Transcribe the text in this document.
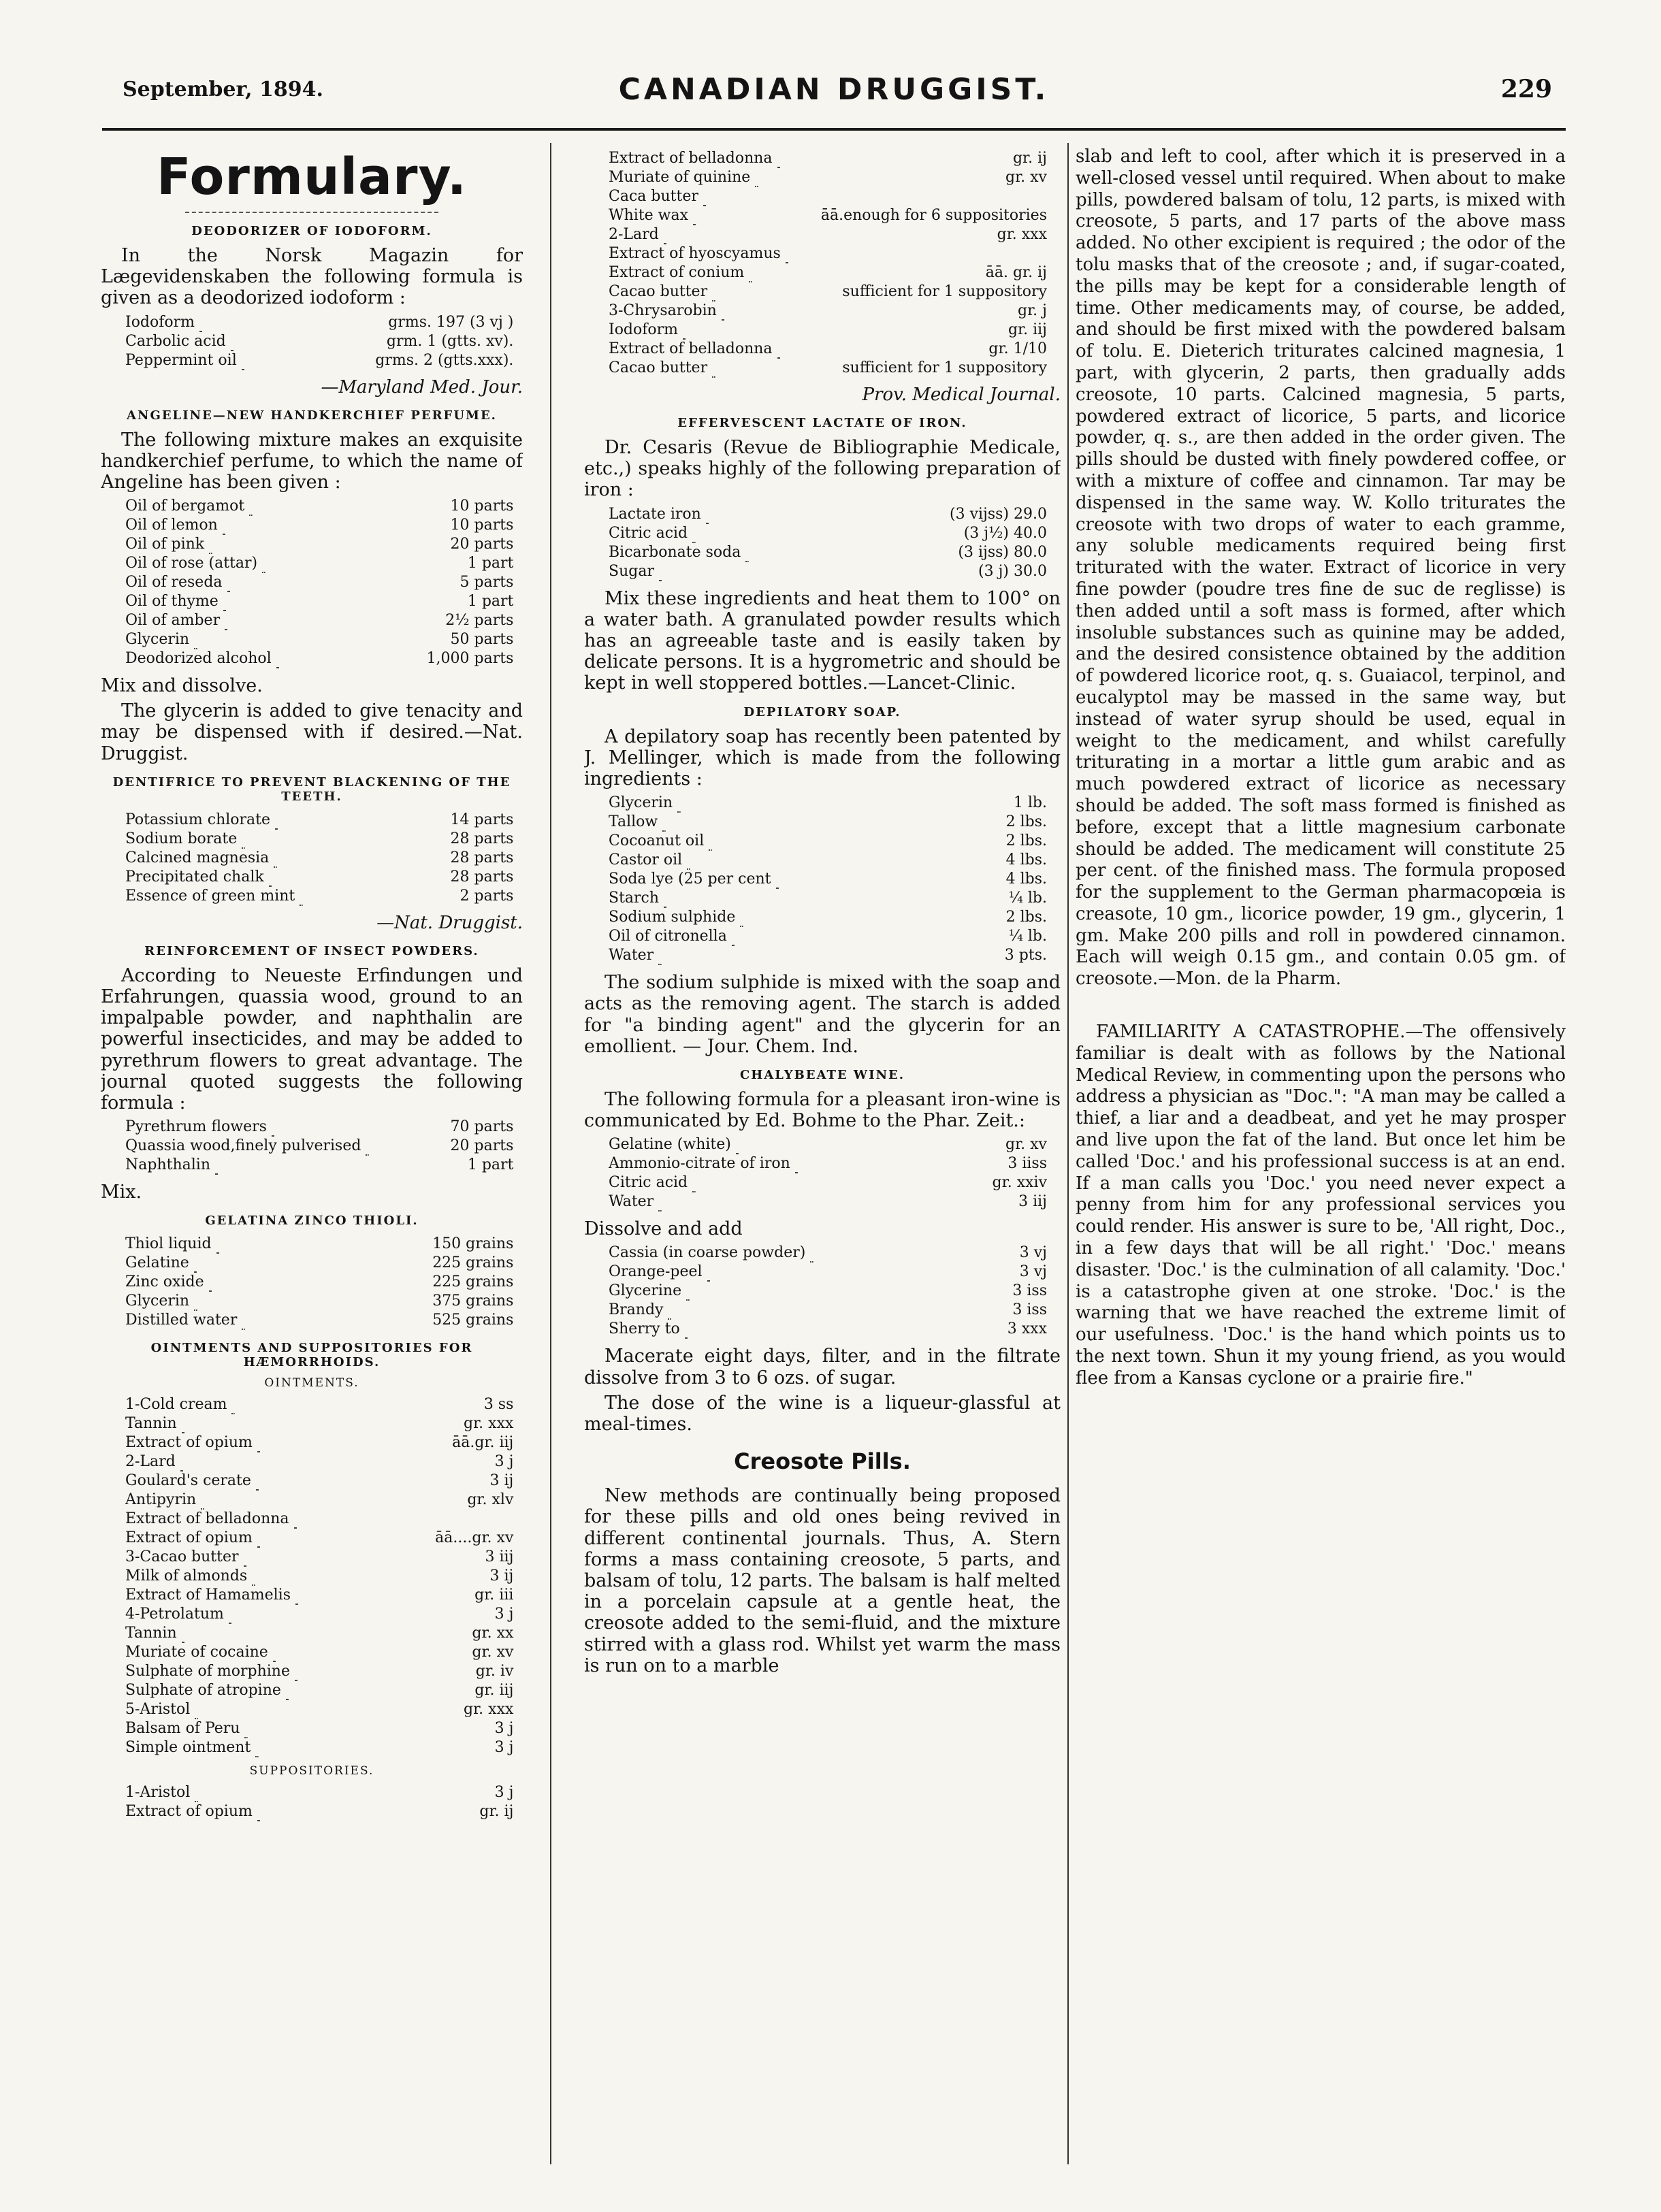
September, 1894.	CANADIAN DRUGGIST.	229
Formulary.
DEODORIZER OF IODOFORM.

In the Norsk Magazin for Lægevidenskaben the following formula is given as a deodorized iodoform :

Iodoform  	grms. 197 (3 vj )
Carbolic acid  	grm. 1 (gtts. xv).
Peppermint oil  	grms. 2 (gtts.xxx).
—Maryland Med. Jour.
ANGELINE—NEW HANDKERCHIEF PERFUME.

The following mixture makes an exquisite handkerchief perfume, to which the name of Angeline has been given :

Oil of bergamot  	10 parts
Oil of lemon  	10 parts
Oil of pink  	20 parts
Oil of rose (attar)  	1 part
Oil of reseda  	5 parts
Oil of thyme  	1 part
Oil of amber  	2½ parts
Glycerin  	50 parts
Deodorized alcohol  	1,000 parts
Mix and dissolve.

The glycerin is added to give tenacity and may be dispensed with if desired.—Nat. Druggist.

DENTIFRICE TO PREVENT BLACKENING OF THE TEETH.
Potassium chlorate  	14 parts
Sodium borate  	28 parts
Calcined magnesia  	28 parts
Precipitated chalk  	28 parts
Essence of green mint  	2 parts
—Nat. Druggist.
REINFORCEMENT OF INSECT POWDERS.

According to Neueste Erfindungen und Erfahrungen, quassia wood, ground to an impalpable powder, and naphthalin are powerful insecticides, and may be added to pyrethrum flowers to great advantage. The journal quoted suggests the following formula :

Pyrethrum flowers  	70 parts
Quassia wood,finely pulverised  	20 parts
Naphthalin  	1 part
Mix.
GELATINA ZINCO THIOLI.
Thiol liquid  	150 grains
Gelatine  	225 grains
Zinc oxide  	225 grains
Glycerin  	375 grains
Distilled water  	525 grains
OINTMENTS AND SUPPOSITORIES FOR HÆMORRHOIDS.
OINTMENTS.
1-Cold cream  	3 ss
Tannin  	gr. xxx
Extract of opium  	āā.gr. iij
2-Lard  	3 j
Goulard's cerate  	3 ij
Antipyrin  	gr. xlv
Extract of belladonna  	
Extract of opium  	āā....gr. xv
3-Cacao butter  	3 iij
Milk of almonds  	3 ij
Extract of Hamamelis  	gr. iii
4-Petrolatum  	3 j
Tannin  	gr. xx
Muriate of cocaine  	gr. xv
Sulphate of morphine  	gr. iv
Sulphate of atropine  	gr. iij
5-Aristol  	gr. xxx
Balsam of Peru  	3 j
Simple ointment  	3 j
SUPPOSITORIES.
1-Aristol  	3 j
Extract of opium  	gr. ij
Extract of belladonna  	gr. ij
Muriate of quinine  	gr. xv
Caca butter  	
White wax  	āā.enough for 6 suppositories
2-Lard  	gr. xxx
Extract of hyoscyamus  	
Extract of conium  	āā. gr. ij
Cacao butter  	sufficient for 1 suppository
3-Chrysarobin  	gr. j
Iodoform  	gr. iij
Extract of belladonna  	gr. 1/10
Cacao butter  	sufficient for 1 suppository
Prov. Medical Journal.
EFFERVESCENT LACTATE OF IRON.

Dr. Cesaris (Revue de Bibliographie Medicale, etc.,) speaks highly of the following preparation of iron :

Lactate iron  	(3 vijss) 29.0
Citric acid  	(3 j½) 40.0
Bicarbonate soda  	(3 ijss) 80.0
Sugar  	(3 j) 30.0

Mix these ingredients and heat them to 100° on a water bath. A granulated powder results which has an agreeable taste and is easily taken by delicate persons. It is a hygrometric and should be kept in well stoppered bottles.—Lancet-Clinic.

DEPILATORY SOAP.

A depilatory soap has recently been patented by J. Mellinger, which is made from the following ingredients :

Glycerin  	1 lb.
Tallow  	2 lbs.
Cocoanut oil  	2 lbs.
Castor oil  	4 lbs.
Soda lye (25 per cent  	4 lbs.
Starch  	¼ lb.
Sodium sulphide  	2 lbs.
Oil of citronella  	¼ lb.
Water  	3 pts.

The sodium sulphide is mixed with the soap and acts as the removing agent. The starch is added for "a binding agent" and the glycerin for an emollient. — Jour. Chem. Ind.

CHALYBEATE WINE.

The following formula for a pleasant iron-wine is communicated by Ed. Bohme to the Phar. Zeit.:

Gelatine (white)  	gr. xv
Ammonio-citrate of iron  	3 iiss
Citric acid  	gr. xxiv
Water  	3 iij
Dissolve and add
Cassia (in coarse powder)  	3 vj
Orange-peel  	3 vj
Glycerine  	3 iss
Brandy  	3 iss
Sherry to  	3 xxx

Macerate eight days, filter, and in the filtrate dissolve from 3 to 6 ozs. of sugar.

The dose of the wine is a liqueur-glassful at meal-times.

Creosote Pills.

New methods are continually being proposed for these pills and old ones being revived in different continental journals. Thus, A. Stern forms a mass containing creosote, 5 parts, and balsam of tolu, 12 parts. The balsam is half melted in a porcelain capsule at a gentle heat, the creosote added to the semi-fluid, and the mixture stirred with a glass rod. Whilst yet warm the mass is run on to a marble

slab and left to cool, after which it is preserved in a well-closed vessel until required. When about to make pills, powdered balsam of tolu, 12 parts, is mixed with creosote, 5 parts, and 17 parts of the above mass added. No other excipient is required ; the odor of the tolu masks that of the creosote ; and, if sugar-coated, the pills may be kept for a considerable length of time. Other medicaments may, of course, be added, and should be first mixed with the powdered balsam of tolu. E. Dieterich triturates calcined magnesia, 1 part, with glycerin, 2 parts, then gradually adds creosote, 10 parts. Calcined magnesia, 5 parts, powdered extract of licorice, 5 parts, and licorice powder, q. s., are then added in the order given. The pills should be dusted with finely powdered coffee, or with a mixture of coffee and cinnamon. Tar may be dispensed in the same way. W. Kollo triturates the creosote with two drops of water to each gramme, any soluble medicaments required being first triturated with the water. Extract of licorice in very fine powder (poudre tres fine de suc de reglisse) is then added until a soft mass is formed, after which insoluble substances such as quinine may be added, and the desired consistence obtained by the addition of powdered licorice root, q. s. Guaiacol, terpinol, and eucalyptol may be massed in the same way, but instead of water syrup should be used, equal in weight to the medicament, and whilst carefully triturating in a mortar a little gum arabic and as much powdered extract of licorice as necessary should be added. The soft mass formed is finished as before, except that a little magnesium carbonate should be added. The medicament will constitute 25 per cent. of the finished mass. The formula proposed for the supplement to the German pharmacopœia is creasote, 10 gm., licorice powder, 19 gm., glycerin, 1 gm. Make 200 pills and roll in powdered cinnamon. Each will weigh 0.15 gm., and contain 0.05 gm. of creosote.—Mon. de la Pharm.

FAMILIARITY A CATASTROPHE.—The offensively familiar is dealt with as follows by the National Medical Review, in commenting upon the persons who address a physician as "Doc.": "A man may be called a thief, a liar and a deadbeat, and yet he may prosper and live upon the fat of the land. But once let him be called 'Doc.' and his professional success is at an end. If a man calls you 'Doc.' you need never expect a penny from him for any professional services you could render. His answer is sure to be, 'All right, Doc., in a few days that will be all right.' 'Doc.' means disaster. 'Doc.' is the culmination of all calamity. 'Doc.' is a catastrophe given at one stroke. 'Doc.' is the warning that we have reached the extreme limit of our usefulness. 'Doc.' is the hand which points us to the next town. Shun it my young friend, as you would flee from a Kansas cyclone or a prairie fire."
